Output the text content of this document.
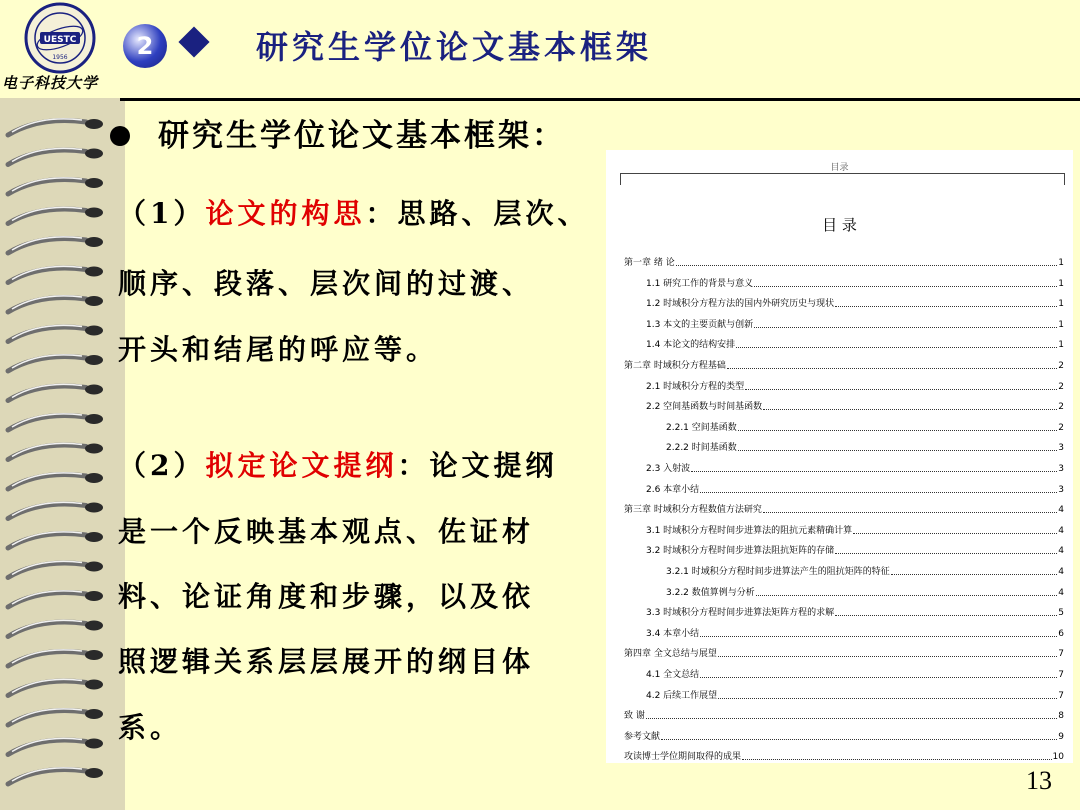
UESTC
1956
电子科技大学
2	研究生学位论文基本框架
研究生学位论文基本框架：
（1）论文的构思：思路、层次、
顺序、段落、层次间的过渡、
开头和结尾的呼应等。
（2）拟定论文提纲：论文提纲
是一个反映基本观点、佐证材
料、论证角度和步骤，以及依
照逻辑关系层层展开的纲目体
系。
目录
目 录
第一章 绪 论	1
1.1 研究工作的背景与意义	1
1.2 时域积分方程方法的国内外研究历史与现状	1
1.3 本文的主要贡献与创新	1
1.4 本论文的结构安排	1
第二章 时域积分方程基础	2
2.1 时域积分方程的类型	2
2.2 空间基函数与时间基函数	2
2.2.1 空间基函数	2
2.2.2 时间基函数	3
2.3 入射波	3
2.6 本章小结	3
第三章 时域积分方程数值方法研究	4
3.1 时域积分方程时间步进算法的阻抗元素精确计算	4
3.2 时域积分方程时间步进算法阻抗矩阵的存储	4
3.2.1 时域积分方程时间步进算法产生的阻抗矩阵的特征	4
3.2.2 数值算例与分析	4
3.3 时域积分方程时间步进算法矩阵方程的求解	5
3.4 本章小结	6
第四章 全文总结与展望	7
4.1 全文总结	7
4.2 后续工作展望	7
致 谢	8
参考文献	9
攻读博士学位期间取得的成果	10
13
